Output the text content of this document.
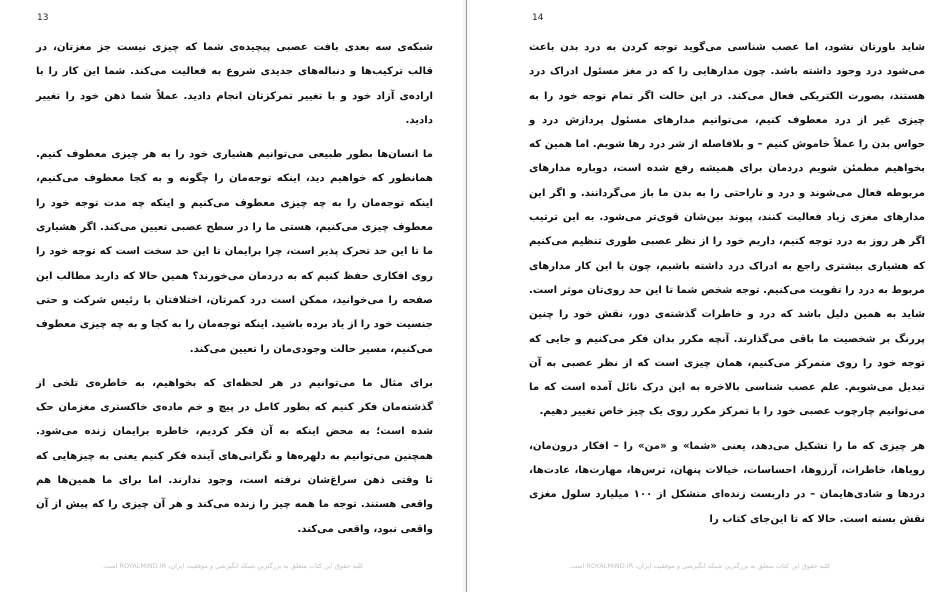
13

شبکه‌ی سه بعدی بافت عصبی پیچیده‌ی شما که چیزی نیست جز مغزتان، در قالب ترکیب‌ها و دنباله‌های جدیدی شروع به فعالیت می‌کند. شما این کار را با اراده‌ی آزاد خود و با تغییر تمرکزتان انجام دادید. عملاً شما ذهن خود را تغییر دادید.

ما انسان‌ها بطور طبیعی می‌توانیم هشیاری خود را به هر چیزی معطوف کنیم. همانطور که خواهیم دید، اینکه توجه‌مان را چگونه و به کجا معطوف می‌کنیم، اینکه توجه‌مان را به چه چیزی معطوف می‌کنیم و اینکه چه مدت توجه خود را معطوف چیزی می‌کنیم، هستی ما را در سطح عصبی تعیین می‌کند. اگر هشیاری ما تا این حد تحرک پذیر است، چرا برایمان تا این حد سخت است که توجه خود را روی افکاری حفظ کنیم که به دردمان می‌خورند؟ همین حالا که دارید مطالب این صفحه را می‌خوانید، ممکن است درد کمرتان، اختلافتان با رئیس شرکت و حتی جنسیت خود را از یاد برده باشید. اینکه توجه‌مان را به کجا و به چه چیزی معطوف می‌کنیم، مسیر حالت وجودی‌مان را تعیین می‌کند.

برای مثال ما می‌توانیم در هر لحظه‌ای که بخواهیم، به خاطره‌ی تلخی از گذشته‌مان فکر کنیم که بطور کامل در پیچ و خم ماده‌ی خاکستری مغزمان حک شده است؛ به محض اینکه به آن فکر کردیم، خاطره برایمان زنده می‌شود. همچنین می‌توانیم به دلهره‌ها و نگرانی‌های آینده فکر کنیم یعنی به چیزهایی که تا وقتی ذهن سراغ‌شان نرفته است، وجود ندارند. اما برای ما همین‌ها هم واقعی هستند. توجه ما همه چیز را زنده می‌کند و هر آن چیزی را که پیش از آن واقعی نبود، واقعی می‌کند.

کلیه حقوق این کتاب متعلق به بزرگترین شبکه انگیزشی و موفقیت ایران، ROYALMIND.IR است.
14

شاید باورتان نشود، اما عصب شناسی می‌گوید توجه کردن به درد بدن باعث می‌شود درد وجود داشته باشد. چون مدارهایی را که در مغز مسئول ادراک درد هستند، بصورت الکتریکی فعال می‌کند. در این حالت اگر تمام توجه خود را به چیزی غیر از درد معطوف کنیم، می‌توانیم مدارهای مسئول پردازش درد و حواس بدن را عملاً خاموش کنیم – و بلافاصله از شر درد رها شویم. اما همین که بخواهیم مطمئن شویم دردمان برای همیشه رفع شده است، دوباره مدارهای مربوطه فعال می‌شوند و درد و ناراحتی را به بدن ما باز می‌گردانند. و اگر این مدارهای مغزی زیاد فعالیت کنند، پیوند بین‌شان قوی‌تر می‌شود. به این ترتیب اگر هر روز به درد توجه کنیم، داریم خود را از نظر عصبی طوری تنظیم می‌کنیم که هشیاری بیشتری راجع به ادراک درد داشته باشیم، چون با این کار مدارهای مربوط به درد را تقویت می‌کنیم. توجه شخص شما تا این حد روی‌تان موثر است. شاید به همین دلیل باشد که درد و خاطرات گذشته‌ی دور، نقش خود را چنین پررنگ بر شخصیت ما باقی می‌گذارند. آنچه مکرر بدان فکر می‌کنیم و جایی که توجه خود را روی متمرکز می‌کنیم، همان چیزی است که از نظر عصبی به آن تبدیل می‌شویم. علم عصب شناسی بالاخره به این درک نائل آمده است که ما می‌توانیم چارچوب عصبی خود را با تمرکز مکرر روی یک چیز خاص تغییر دهیم.

هر چیزی که ما را تشکیل می‌دهد، یعنی «شما» و «من» را – افکار درون‌مان، رویاها، خاطرات، آرزوها، احساسات، خیالات پنهان، ترس‌ها، مهارت‌ها، عادت‌ها، دردها و شادی‌هایمان – در داربست زنده‌ای متشکل از ۱۰۰ میلیارد سلول مغزی نقش بسته است. حالا که تا این‌جای کتاب را

کلیه حقوق این کتاب متعلق به بزرگترین شبکه انگیزشی و موفقیت ایران، ROYALMIND.IR است.
